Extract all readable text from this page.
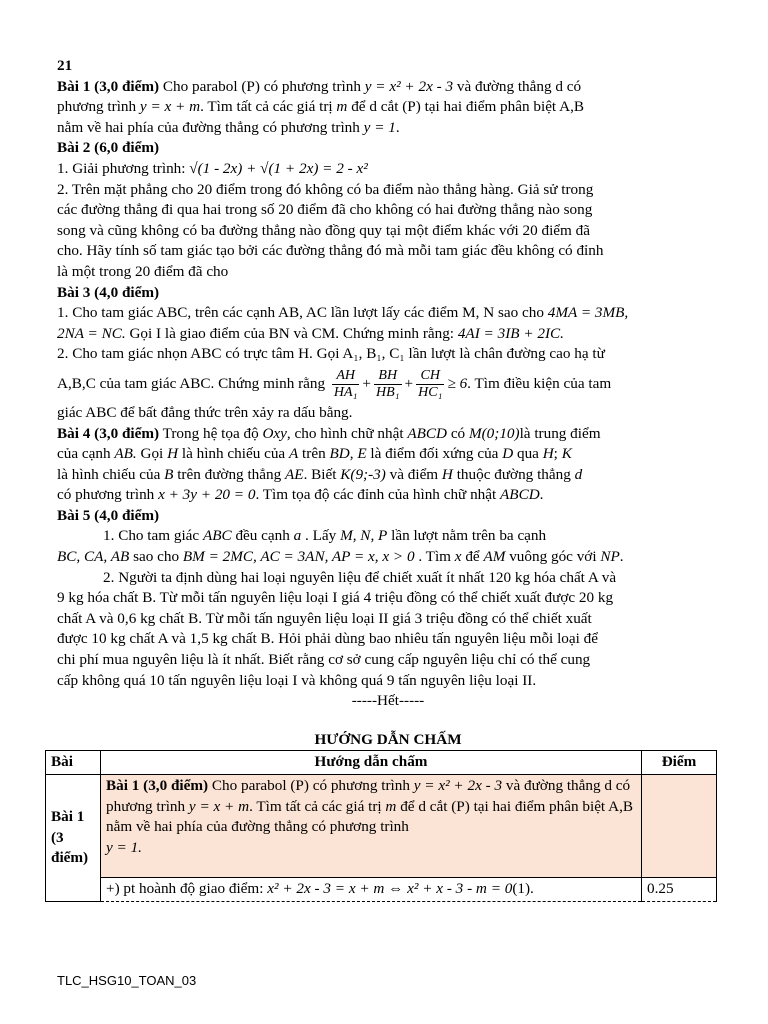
21

Bài 1 (3,0 điểm) Cho parabol (P) có phương trình y = x² + 2x - 3 và đường thẳng d có
phương trình y = x + m. Tìm tất cả các giá trị m để d cắt (P) tại hai điểm phân biệt A,B
nằm về hai phía của đường thẳng có phương trình y = 1.

Bài 2 (6,0 điểm)

1. Giải phương trình: √(1 - 2x) + √(1 + 2x) = 2 - x²

2. Trên mặt phẳng cho 20 điểm trong đó không có ba điểm nào thẳng hàng. Giả sử trong
các đường thẳng đi qua hai trong số 20 điểm đã cho không có hai đường thẳng nào song
song và cũng không có ba đường thẳng nào đồng quy tại một điểm khác với 20 điểm đã
cho. Hãy tính số tam giác tạo bởi các đường thẳng đó mà mỗi tam giác đều không có đỉnh
là một trong 20 điểm đã cho

Bài 3 (4,0 điểm)

1. Cho tam giác ABC, trên các cạnh AB, AC lần lượt lấy các điểm M, N sao cho 4MA = 3MB,
2NA = NC. Gọi I là giao điểm của BN và CM. Chứng minh rằng: 4AI = 3IB + 2IC.

2. Cho tam giác nhọn ABC có trực tâm H. Gọi A₁, B₁, C₁ lần lượt là chân đường cao hạ từ

A,B,C của tam giác ABC. Chứng minh rằng $\frac{AH}{\text{HA₁}} + \frac{BH}{\text{HB₁}} + \frac{CH}{\text{HC₁}} \ge 6$. Tìm điều kiện của tam

giác ABC để bất đẳng thức trên xảy ra dấu bằng.

Bài 4 (3,0 điểm) Trong hệ tọa độ Oxy, cho hình chữ nhật ABCD có M(0;10)là trung điểm
của cạnh AB. Gọi H là hình chiếu của A trên BD, E là điểm đối xứng của D qua H; K
là hình chiếu của B trên đường thẳng AE. Biết K(9;-3) và điểm H thuộc đường thẳng d
có phương trình x + 3y + 20 = 0. Tìm tọa độ các đỉnh của hình chữ nhật ABCD.

Bài 5 (4,0 điểm)

1. Cho tam giác ABC đều cạnh a . Lấy M, N, P lần lượt nằm trên ba cạnh

BC, CA, AB sao cho BM = 2MC, AC = 3AN, AP = x, x > 0 . Tìm x để AM vuông góc với NP.

2. Người ta định dùng hai loại nguyên liệu để chiết xuất ít nhất 120 kg hóa chất A và
9 kg hóa chất B. Từ mỗi tấn nguyên liệu loại I giá 4 triệu đồng có thể chiết xuất được 20 kg
chất A và 0,6 kg chất B. Từ mỗi tấn nguyên liệu loại II giá 3 triệu đồng có thể chiết xuất
được 10 kg chất A và 1,5 kg chất B. Hỏi phải dùng bao nhiêu tấn nguyên liệu mỗi loại để
chi phí mua nguyên liệu là ít nhất. Biết rằng cơ sở cung cấp nguyên liệu chỉ có thể cung
cấp không quá 10 tấn nguyên liệu loại I và không quá 9 tấn nguyên liệu loại II.

-----Hết-----

HƯỚNG DẪN CHẤM

Bài	Hướng dẫn chấm	Điểm
Bài 1 (3 điểm)	Bài 1 (3,0 điểm) Cho parabol (P) có phương trình y = x² + 2x - 3 và đường thẳng d có phương trình y = x + m. Tìm tất cả các giá trị m để d cắt (P) tại hai điểm phân biệt A,B nằm về hai phía của đường thẳng có phương trình
y = 1.	
	+) pt hoành độ giao điểm: x² + 2x - 3 = x + m ⇔ x² + x - 3 - m = 0(1).	0.25
TLC_HSG10_TOAN_03
